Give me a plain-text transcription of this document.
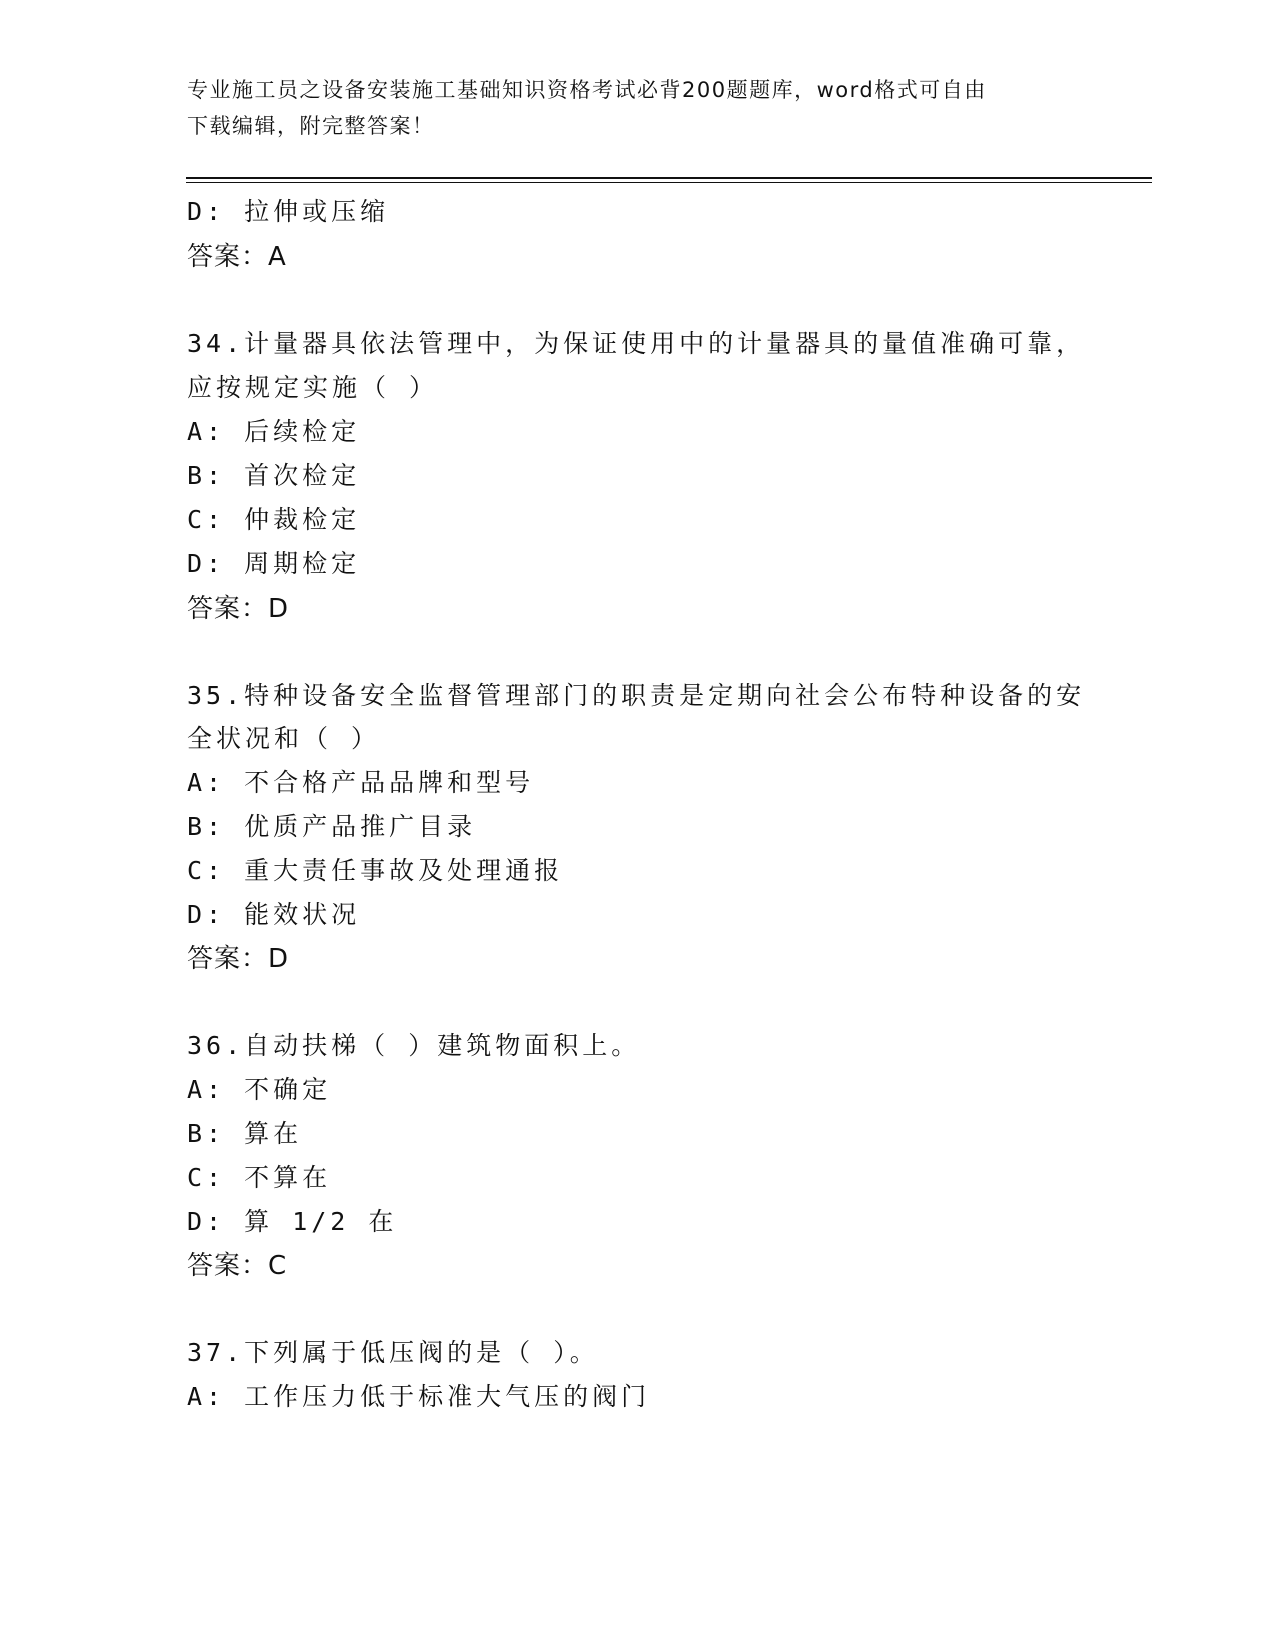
专业施工员之设备安装施工基础知识资格考试必背200题题库，word格式可自由
下载编辑，附完整答案！
D: 拉伸或压缩
答案：A
34.计量器具依法管理中，为保证使用中的计量器具的量值准确可靠，
应按规定实施（ ）
A: 后续检定
B: 首次检定
C: 仲裁检定
D: 周期检定
答案：D
35.特种设备安全监督管理部门的职责是定期向社会公布特种设备的安
全状况和（ ）
A: 不合格产品品牌和型号
B: 优质产品推广目录
C: 重大责任事故及处理通报
D: 能效状况
答案：D
36.自动扶梯（ ）建筑物面积上。
A: 不确定
B: 算在
C: 不算在
D: 算 1/2 在
答案：C
37.下列属于低压阀的是（ ）。
A: 工作压力低于标准大气压的阀门
